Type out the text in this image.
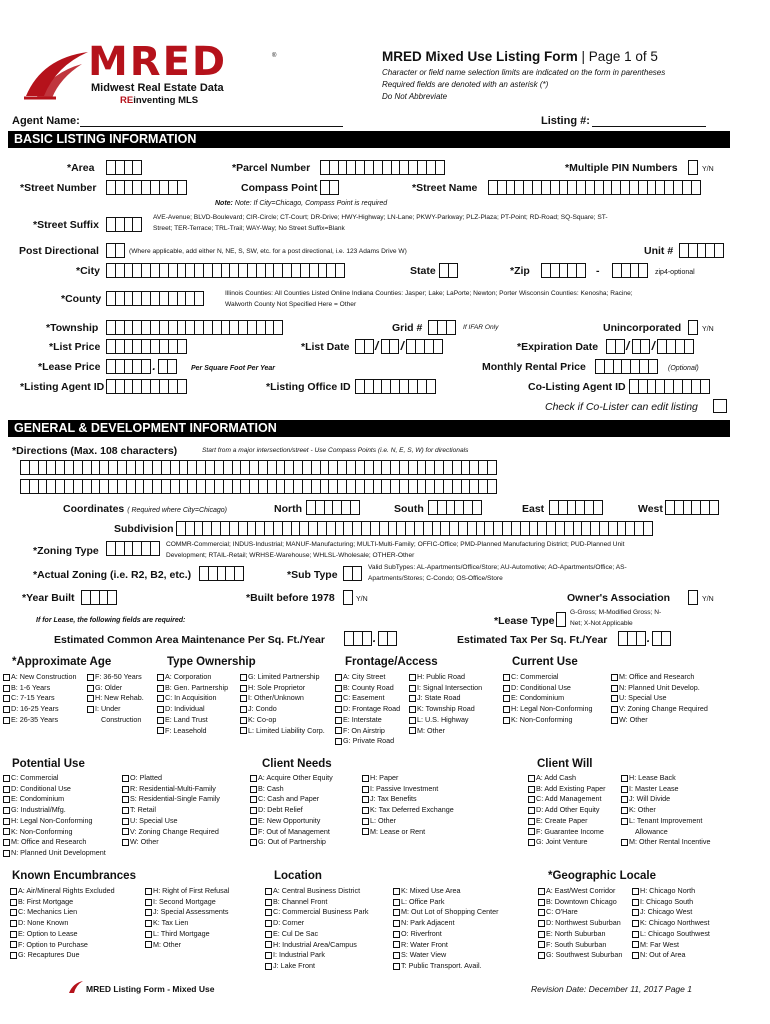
MRED	®
Midwest Real Estate Data
REinventing MLS
MRED Mixed Use Listing Form | Page 1 of 5
Character or field name selection limits are indicated on the form in parentheses
Required fields are denoted with an asterisk (*)
Do Not Abbreviate
Agent Name:	Listing #:
BASIC LISTING INFORMATION
*Area	*Parcel Number	*Multiple PIN Numbers	Y/N
*Street Number	Compass Point	*Street Name
Note: Note: If City=Chicago, Compass Point is required
*Street Suffix
AVE-Avenue; BLVD-Boulevard; CIR-Circle; CT-Court; DR-Drive; HWY-Highway; LN-Lane; PKWY-Parkway; PLZ-Plaza; PT-Point; RD-Road; SQ-Square; ST-
Street; TER-Terrace; TRL-Trail; WAY-Way; No Street Suffix=Blank
Post Directional	(Where applicable, add either N, NE, S, SW, etc. for a post directional, i.e. 123 Adams Drive W)	Unit #
*City	State	*Zip	-	zip4-optional
*County	Illinois Counties: All Counties Listed Online Indiana Counties: Jasper; Lake; LaPorte; Newton; Porter Wisconsin Counties: Kenosha; Racine;
Walworth County Not Specified Here = Other
*Township	Grid #	If IFAR Only	Unincorporated	Y/N
*List Price	*List Date / /	*Expiration Date / /
*Lease Price	.	Per Square Foot Per Year	Monthly Rental Price	(Optional)
*Listing Agent ID	*Listing Office ID	Co-Listing Agent ID
Check if Co-Lister can edit listing
GENERAL & DEVELOPMENT INFORMATION
*Directions (Max. 108 characters)	Start from a major intersection/street - Use Compass Points (i.e. N, E, S, W) for directionals
Coordinates ( Required where City=Chicago)	North	South	East	West
Subdivision
*Zoning Type
COMMR-Commercial; INDUS-Industrial; MANUF-Manufacturing; MULTI-Multi-Family; OFFIC-Office; PMD-Planned Manufacturing District; PUD-Planned Unit
Development; RTAIL-Retail; WRHSE-Warehouse; WHLSL-Wholesale; OTHER-Other
*Actual Zoning (i.e. R2, B2, etc.)	*Sub Type
Valid SubTypes: AL-Apartments/Office/Store; AU-Automotive; AO-Apartments/Office; AS-
Apartments/Stores; C-Condo; OS-Office/Store
*Year Built	*Built before 1978	Y/N	Owner's Association	Y/N
If for Lease, the following fields are required:	*Lease Type
G-Gross; M-Modified Gross; N-
Net; X-Not Applicable
Estimated Common Area Maintenance Per Sq. Ft./Year	.	Estimated Tax Per Sq. Ft./Year	.
*Approximate Age
A: New Construction
B: 1-6 Years
C: 7-15 Years
D: 16-25 Years
E: 26-35 Years
F: 36-50 Years
G: Older
H: New Rehab.
I: Under
Construction
Type Ownership
A: Corporation
B: Gen. Partnership
C: In Acquisition
D: Individual
E: Land Trust
F: Leasehold
G: Limited Partnership
H: Sole Proprietor
I: Other/Unknown
J: Condo
K: Co-op
L: Limited Liability Corp.
Frontage/Access
A: City Street
B: County Road
C: Easement
D: Frontage Road
E: Interstate
F: On Airstrip
G: Private Road
H: Public Road
I: Signal Intersection
J: State Road
K: Township Road
L: U.S. Highway
M: Other
Current Use
C: Commercial
D: Conditional Use
E: Condominium
H: Legal Non-Conforming
K: Non-Conforming
M: Office and Research
N: Planned Unit Develop.
U: Special Use
V: Zoning Change Required
W: Other
Potential Use
C: Commercial
D: Conditional Use
E: Condominium
G: Industrial/Mfg.
H: Legal Non-Conforming
K: Non-Conforming
M: Office and Research
N: Planned Unit Development
O: Platted
R: Residential-Multi-Family
S: Residential-Single Family
T: Retail
U: Special Use
V: Zoning Change Required
W: Other
Client Needs
A: Acquire Other Equity
B: Cash
C: Cash and Paper
D: Debt Relief
E: New Opportunity
F: Out of Management
G: Out of Partnership
H: Paper
I: Passive Investment
J: Tax Benefits
K: Tax Deferred Exchange
L: Other
M: Lease or Rent
Client Will
A: Add Cash
B: Add Existing Paper
C: Add Management
D: Add Other Equity
E: Create Paper
F: Guarantee Income
G: Joint Venture
H: Lease Back
I: Master Lease
J: Will Divide
K: Other
L: Tenant Improvement
Allowance
M: Other Rental Incentive
Known Encumbrances
A: Air/Mineral Rights Excluded
B: First Mortgage
C: Mechanics Lien
D: None Known
E: Option to Lease
F: Option to Purchase
G: Recaptures Due
H: Right of First Refusal
I: Second Mortgage
J: Special Assessments
K: Tax Lien
L: Third Mortgage
M: Other
Location
A: Central Business District
B: Channel Front
C: Commercial Business Park
D: Corner
E: Cul De Sac
H: Industrial Area/Campus
I: Industrial Park
J: Lake Front
K: Mixed Use Area
L: Office Park
M: Out Lot of Shopping Center
N: Park Adjacent
O: Riverfront
R: Water Front
S: Water View
T: Public Transport. Avail.
*Geographic Locale
A: East/West Corridor
B: Downtown Chicago
C: O'Hare
D: Northwest Suburban
E: North Suburban
F: South Suburban
G: Southwest Suburban
H: Chicago North
I: Chicago South
J: Chicago West
K: Chicago Northwest
L: Chicago Southwest
M: Far West
N: Out of Area
MRED Listing Form - Mixed Use	Revision Date: December 11, 2017 Page 1
